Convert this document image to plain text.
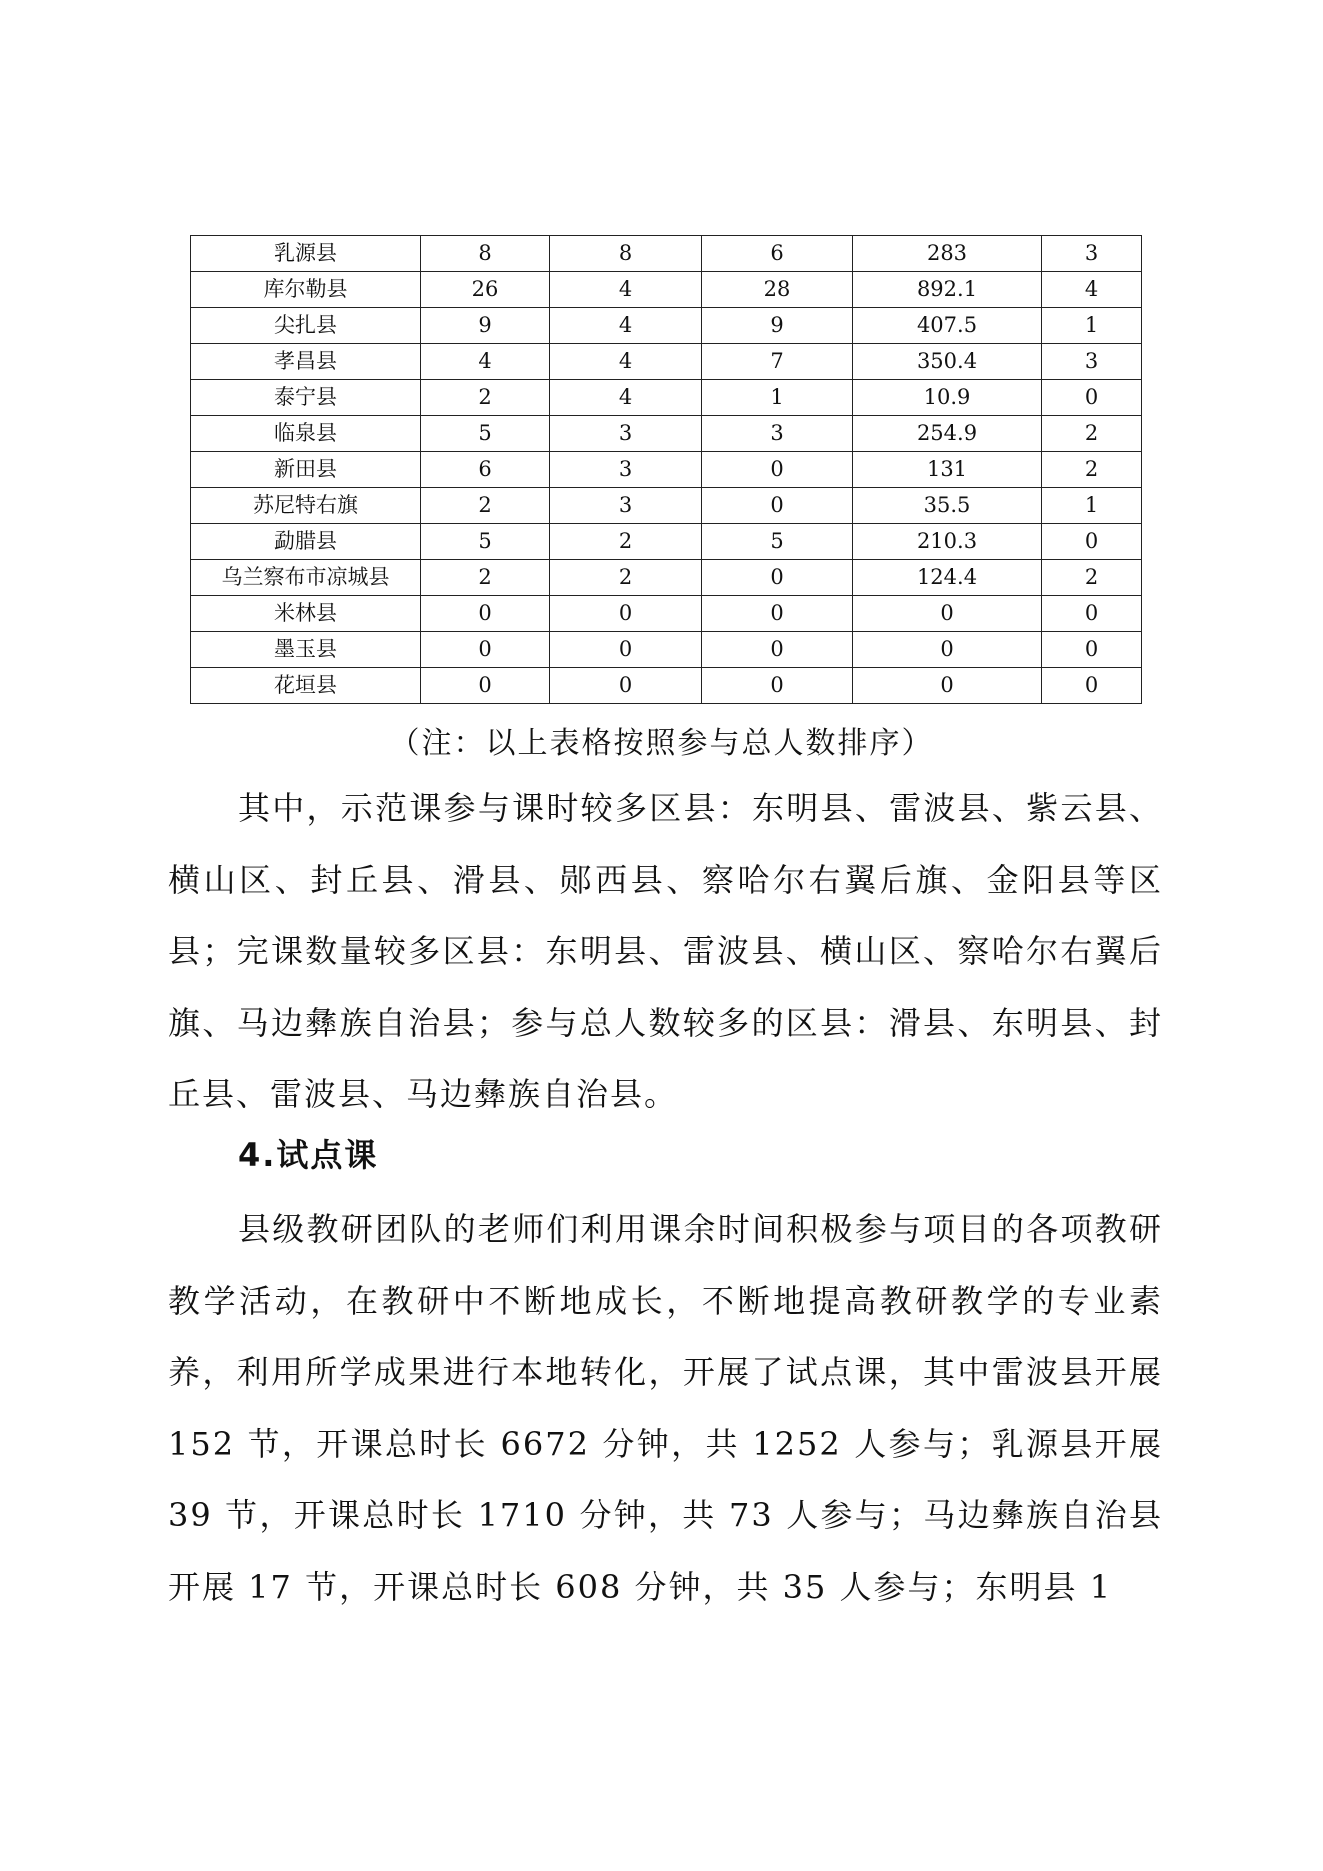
乳源县	8	8	6	283	3
库尔勒县	26	4	28	892.1	4
尖扎县	9	4	9	407.5	1
孝昌县	4	4	7	350.4	3
泰宁县	2	4	1	10.9	0
临泉县	5	3	3	254.9	2
新田县	6	3	0	131	2
苏尼特右旗	2	3	0	35.5	1
勐腊县	5	2	5	210.3	0
乌兰察布市凉城县	2	2	0	124.4	2
米林县	0	0	0	0	0
墨玉县	0	0	0	0	0
花垣县	0	0	0	0	0
（注：以上表格按照参与总人数排序）

其中，示范课参与课时较多区县：东明县、雷波县、紫云县、横山区、封丘县、滑县、郧西县、察哈尔右翼后旗、金阳县等区县；完课数量较多区县：东明县、雷波县、横山区、察哈尔右翼后旗、马边彝族自治县；参与总人数较多的区县：滑县、东明县、封丘县、雷波县、马边彝族自治县。

4.试点课

县级教研团队的老师们利用课余时间积极参与项目的各项教研教学活动，在教研中不断地成长，不断地提高教研教学的专业素养，利用所学成果进行本地转化，开展了试点课，其中雷波县开展 152 节，开课总时长 6672 分钟，共 1252 人参与；乳源县开展 39 节，开课总时长 1710 分钟，共 73 人参与；马边彝族自治县开展 17 节，开课总时长 608 分钟，共 35 人参与；东明县 1
